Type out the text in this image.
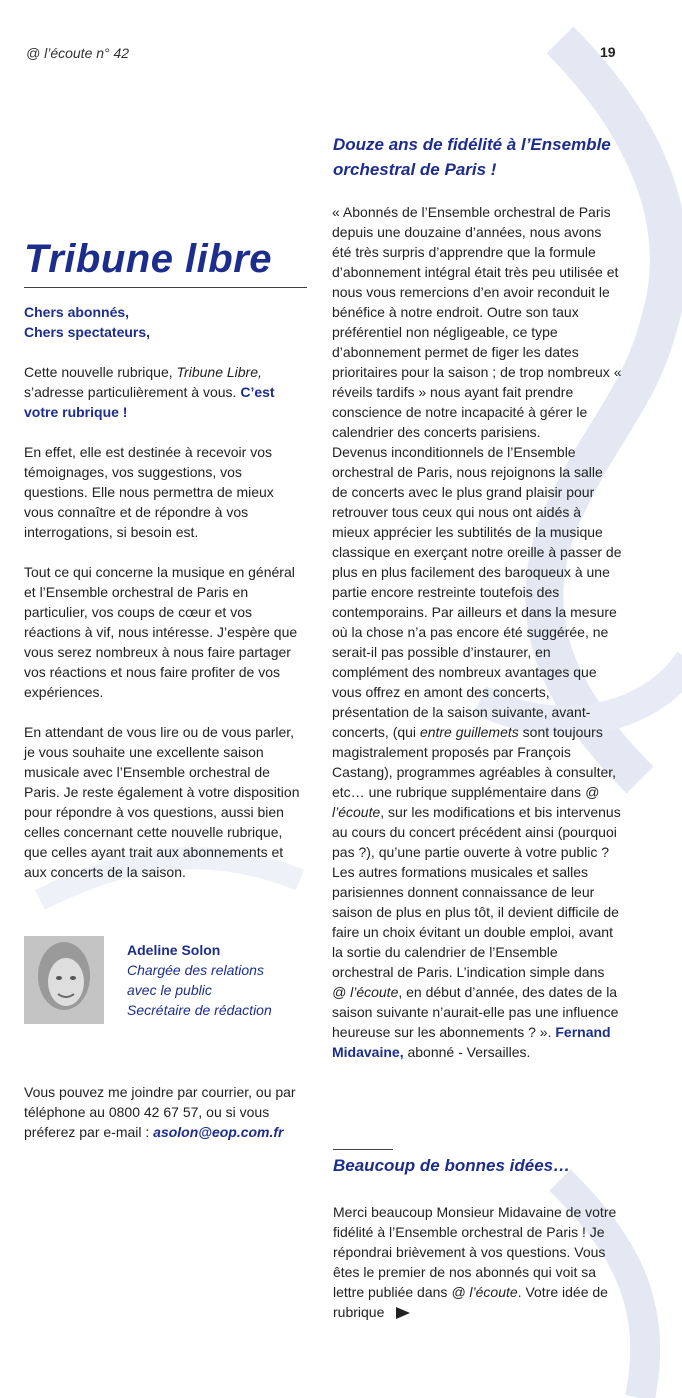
@ l’écoute n° 42	19
Tribune libre
Chers abonnés,
Chers spectateurs,

Cette nouvelle rubrique, Tribune Libre, s’adresse particulièrement à vous. C’est votre rubrique !

En effet, elle est destinée à recevoir vos témoignages, vos suggestions, vos questions. Elle nous permettra de mieux vous connaître et de répondre à vos interrogations, si besoin est.

Tout ce qui concerne la musique en général et l’Ensemble orchestral de Paris en particulier, vos coups de cœur et vos réactions à vif, nous intéresse. J’espère que vous serez nombreux à nous faire partager vos réactions et nous faire profiter de vos expériences.

En attendant de vous lire ou de vous parler, je vous souhaite une excellente saison musicale avec l’Ensemble orchestral de Paris. Je reste également à votre disposition pour répondre à vos questions, aussi bien celles concernant cette nouvelle rubrique, que celles ayant trait aux abonnements et aux concerts de la saison.

Adeline Solon
Chargée des relations
avec le public
Secrétaire de rédaction

Vous pouvez me joindre par courrier, ou par téléphone au 0800 42 67 57, ou si vous préferez par e-mail : asolon@eop.com.fr

Douze ans de fidélité à l’Ensemble orchestral de Paris !

« Abonnés de l’Ensemble orchestral de Paris depuis une douzaine d’années, nous avons été très surpris d’apprendre que la formule d’abonnement intégral était très peu utilisée et nous vous remercions d’en avoir reconduit le bénéfice à notre endroit. Outre son taux préférentiel non négligeable, ce type d’abonnement permet de figer les dates prioritaires pour la saison ; de trop nombreux « réveils tardifs » nous ayant fait prendre conscience de notre incapacité à gérer le calendrier des concerts parisiens.

Devenus inconditionnels de l’Ensemble orchestral de Paris, nous rejoignons la salle de concerts avec le plus grand plaisir pour retrouver tous ceux qui nous ont aidés à mieux apprécier les subtilités de la musique classique en exerçant notre oreille à passer de plus en plus facilement des baroqueux à une partie encore restreinte toutefois des contemporains. Par ailleurs et dans la mesure où la chose n’a pas encore été suggérée, ne serait-il pas possible d’instaurer, en complément des nombreux avantages que vous offrez en amont des concerts, présentation de la saison suivante, avant-concerts, (qui entre guillemets sont toujours magistralement proposés par François Castang), programmes agréables à consulter, etc… une rubrique supplémentaire dans @ l’écoute, sur les modifications et bis intervenus au cours du concert précédent ainsi (pourquoi pas ?), qu’une partie ouverte à votre public ?

Les autres formations musicales et salles parisiennes donnent connaissance de leur saison de plus en plus tôt, il devient difficile de faire un choix évitant un double emploi, avant la sortie du calendrier de l’Ensemble orchestral de Paris. L’indication simple dans @ l’écoute, en début d’année, des dates de la saison suivante n’aurait-elle pas une influence heureuse sur les abonnements ? ». Fernand Midavaine, abonné - Versailles.

Beaucoup de bonnes idées…

Merci beaucoup Monsieur Midavaine de votre fidélité à l’Ensemble orchestral de Paris ! Je répondrai brièvement à vos questions. Vous êtes le premier de nos abonnés qui voit sa lettre publiée dans @ l’écoute. Votre idée de rubrique
